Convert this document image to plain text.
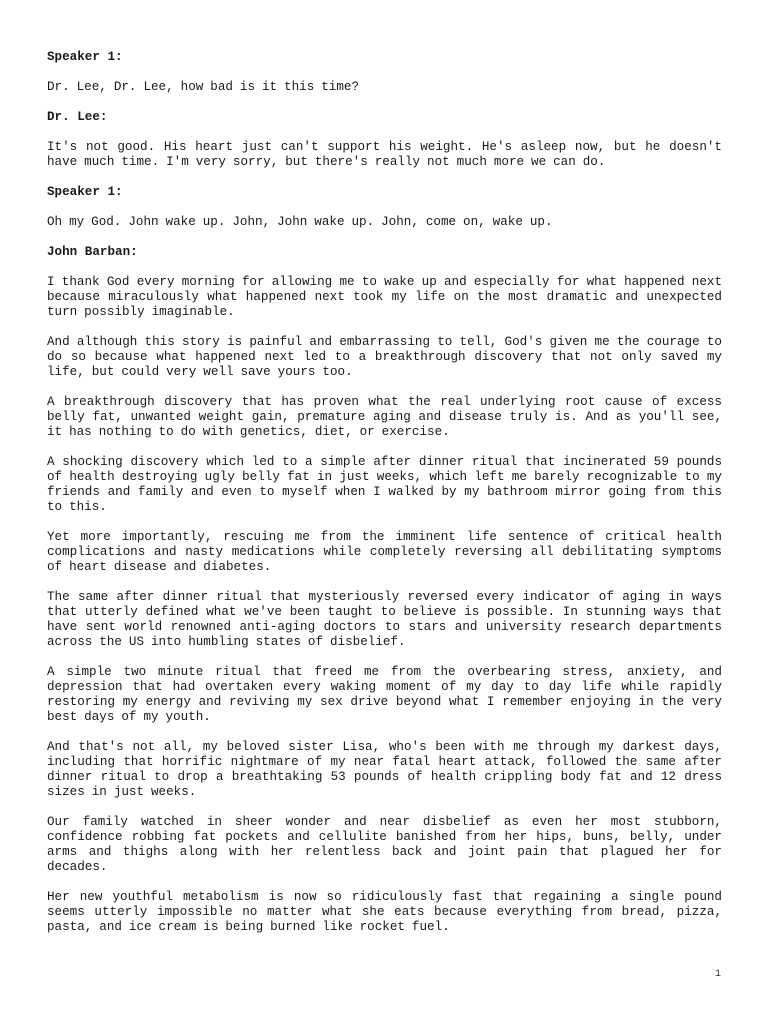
Speaker 1:
Dr. Lee, Dr. Lee, how bad is it this time?
Dr. Lee:
It's not good. His heart just can't support his weight. He's asleep now, but he doesn't have much time. I'm very sorry, but there's really not much more we can do.
Speaker 1:
Oh my God. John wake up. John, John wake up. John, come on, wake up.
John Barban:
I thank God every morning for allowing me to wake up and especially for what happened next because miraculously what happened next took my life on the most dramatic and unexpected turn possibly imaginable.
And although this story is painful and embarrassing to tell, God's given me the courage to do so because what happened next led to a breakthrough discovery that not only saved my life, but could very well save yours too.
A breakthrough discovery that has proven what the real underlying root cause of excess belly fat, unwanted weight gain, premature aging and disease truly is. And as you'll see, it has nothing to do with genetics, diet, or exercise.
A shocking discovery which led to a simple after dinner ritual that incinerated 59 pounds of health destroying ugly belly fat in just weeks, which left me barely recognizable to my friends and family and even to myself when I walked by my bathroom mirror going from this to this.
Yet more importantly, rescuing me from the imminent life sentence of critical health complications and nasty medications while completely reversing all debilitating symptoms of heart disease and diabetes.
The same after dinner ritual that mysteriously reversed every indicator of aging in ways that utterly defined what we've been taught to believe is possible. In stunning ways that have sent world renowned anti-aging doctors to stars and university research departments across the US into humbling states of disbelief.
A simple two minute ritual that freed me from the overbearing stress, anxiety, and depression that had overtaken every waking moment of my day to day life while rapidly restoring my energy and reviving my sex drive beyond what I remember enjoying in the very best days of my youth.
And that's not all, my beloved sister Lisa, who's been with me through my darkest days, including that horrific nightmare of my near fatal heart attack, followed the same after dinner ritual to drop a breathtaking 53 pounds of health crippling body fat and 12 dress sizes in just weeks.
Our family watched in sheer wonder and near disbelief as even her most stubborn, confidence robbing fat pockets and cellulite banished from her hips, buns, belly, under arms and thighs along with her relentless back and joint pain that plagued her for decades.
Her new youthful metabolism is now so ridiculously fast that regaining a single pound seems utterly impossible no matter what she eats because everything from bread, pizza, pasta, and ice cream is being burned like rocket fuel.
1
